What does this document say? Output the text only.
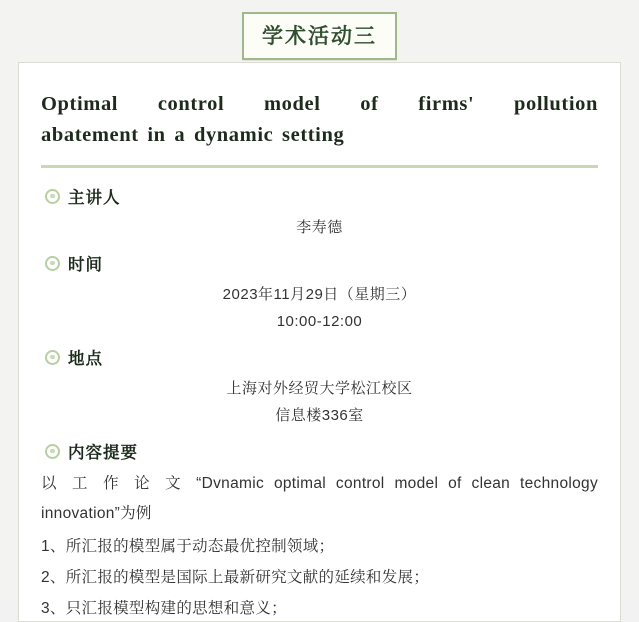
学术活动三
Optimal control model of firms' pollution
abatement in a dynamic setting
主讲人
李寿德
时间
2023年11月29日（星期三）
10:00-12:00
地点
上海对外经贸大学松江校区
信息楼336室
内容提要
以 工 作 论 文 “Dvnamic optimal control model of clean technology
innovation”为例
1、所汇报的模型属于动态最优控制领域；
2、所汇报的模型是国际上最新研究文献的延续和发展；
3、只汇报模型构建的思想和意义；
